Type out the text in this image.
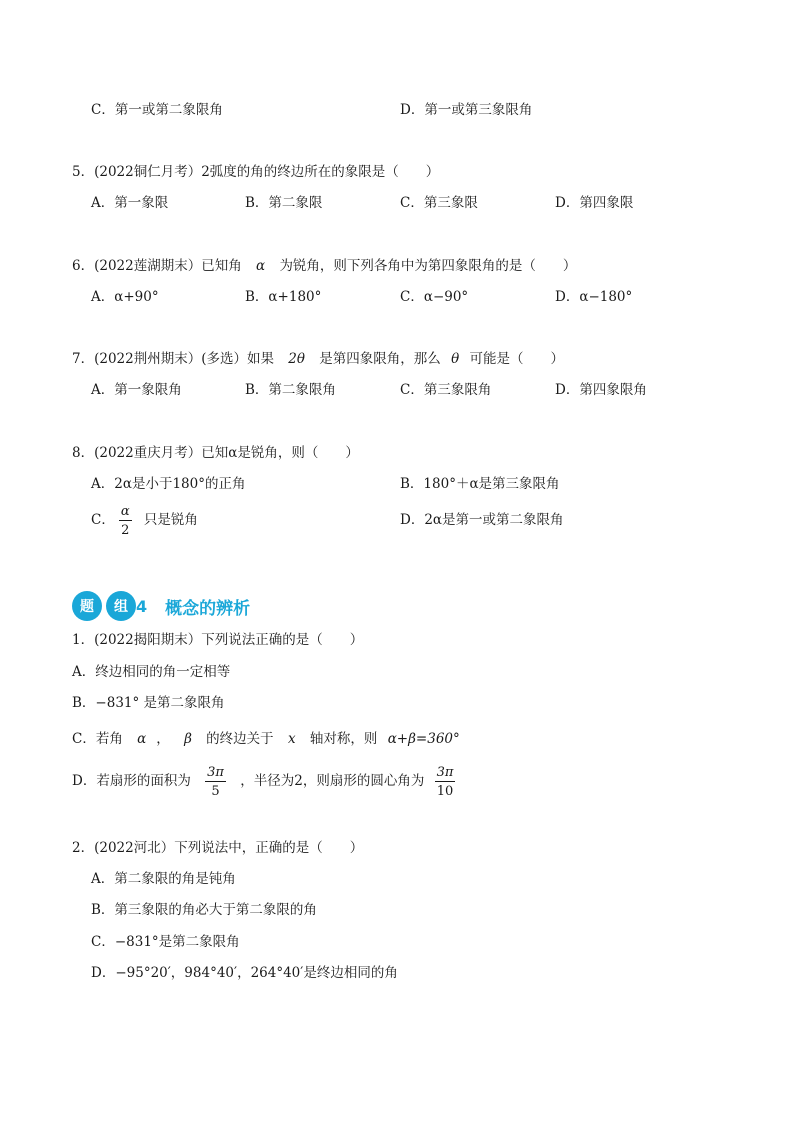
C．第一或第二象限角	D．第一或第三象限角
5．(2022铜仁月考）2弧度的角的终边所在的象限是（　　）
A．第一象限	B．第二象限	C．第三象限	D．第四象限
6．(2022莲湖期末）已知角 α 为锐角，则下列各角中为第四象限角的是（　　）
A．α+90°	B．α+180°	C．α−90°	D．α−180°
7．(2022荆州期末）(多选）如果 2θ 是第四象限角，那么 θ 可能是（　　）
A．第一象限角	B．第二象限角	C．第三象限角	D．第四象限角
8．(2022重庆月考）已知α是锐角，则（　　）
A．2α是小于180°的正角	B．180°＋α是第三象限角
C． $\frac{\alpha}{2}$ 只是锐角	D．2α是第一或第二象限角
题	组 4 概念的辨析
1．(2022揭阳期末）下列说法正确的是（　　）
A．终边相同的角一定相等
B．−831° 是第二象限角
C．若角 α ， β 的终边关于 x 轴对称，则 α+β=360°
D．若扇形的面积为 $\frac{3\pi}{5}$ ，半径为2，则扇形的圆心角为 $\frac{3\pi}{10}$
2．(2022河北）下列说法中，正确的是（　　）
A．第二象限的角是钝角
B．第三象限的角必大于第二象限的角
C．−831°是第二象限角
D．−95°20′，984°40′，264°40′是终边相同的角
